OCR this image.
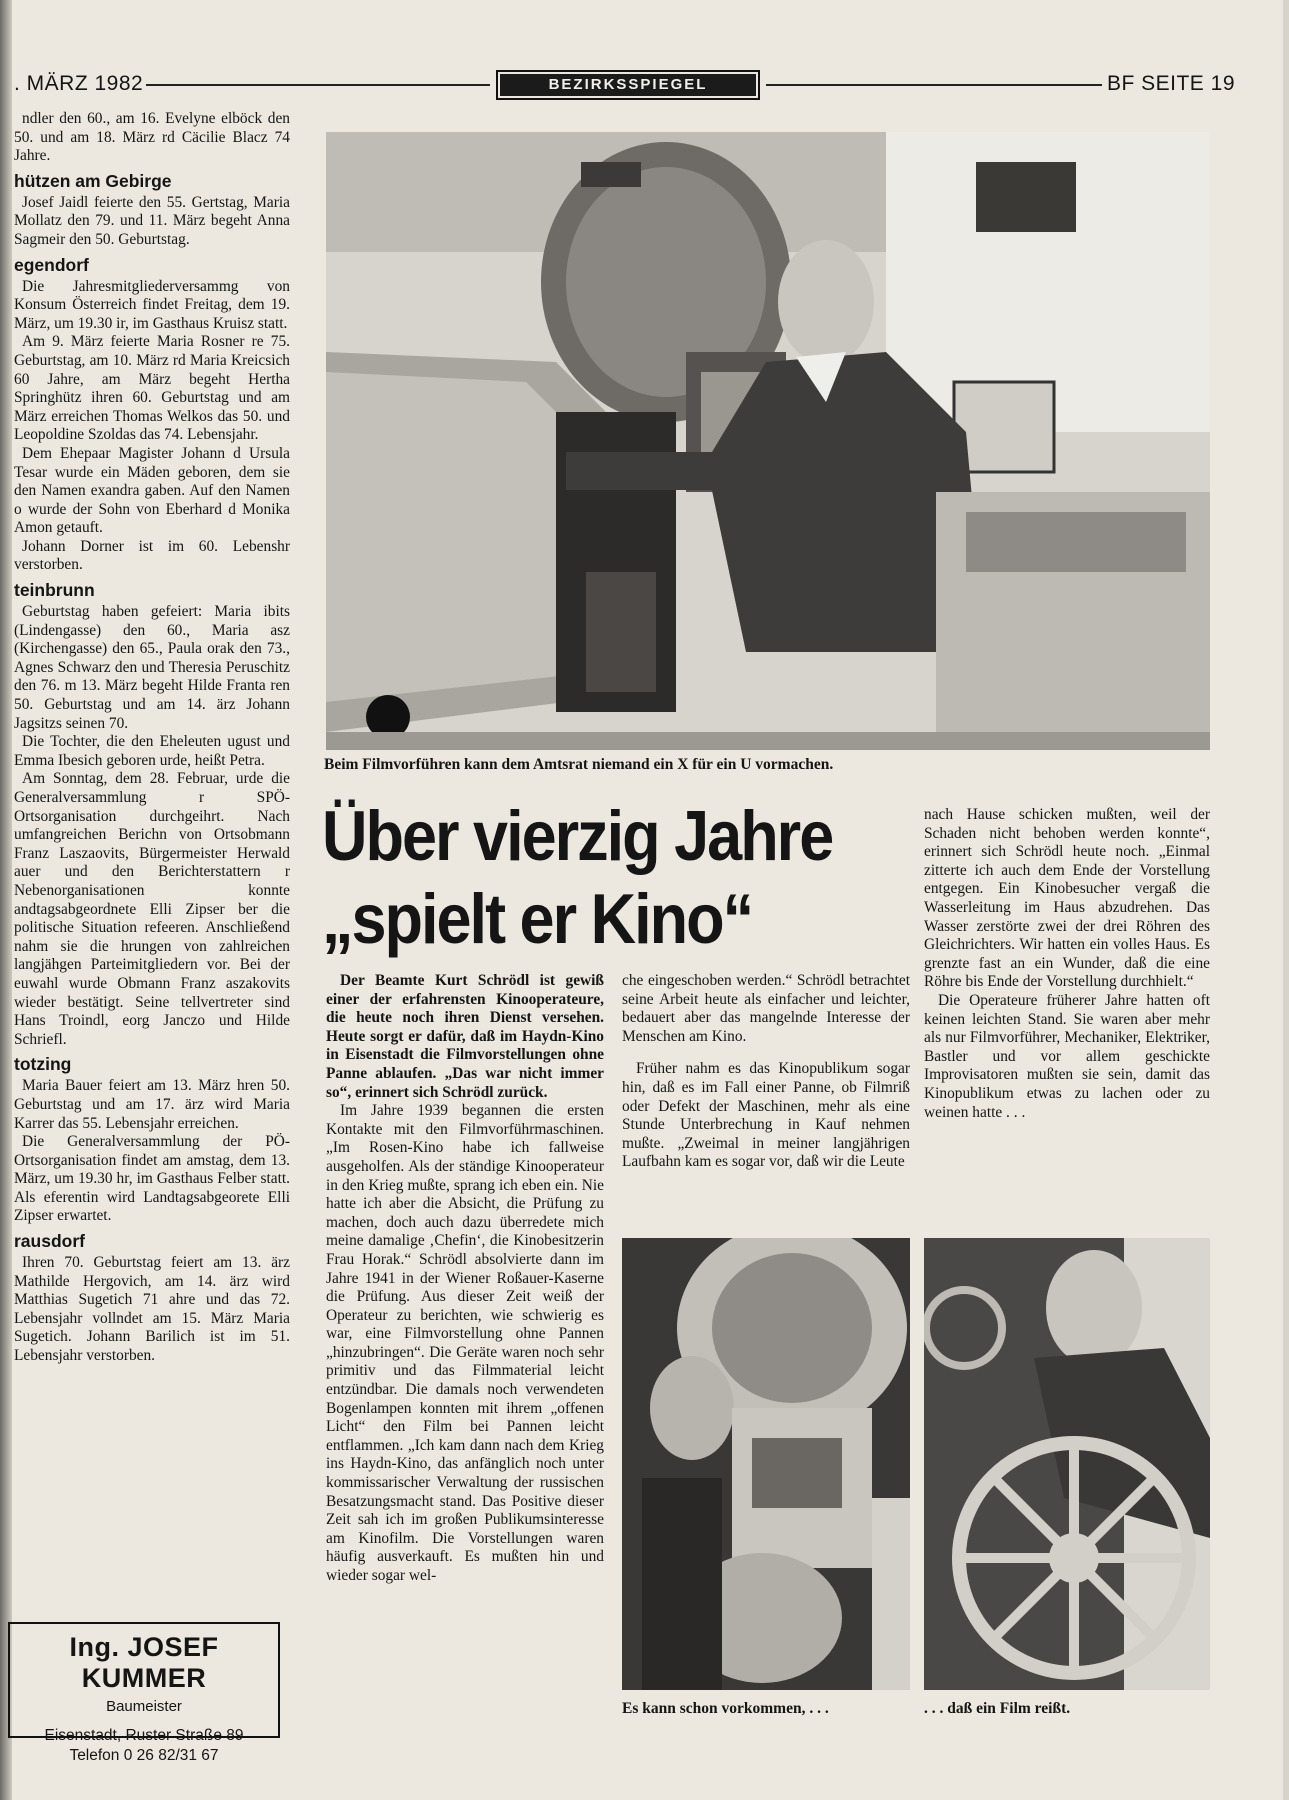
. MÄRZ 1982	BEZIRKSSPIEGEL	BF SEITE 19

ndler den 60., am 16. Evelyne elböck den 50. und am 18. März rd Cäcilie Blacz 74 Jahre.

hützen am Gebirge

Josef Jaidl feierte den 55. Gertstag, Maria Mollatz den 79. und 11. März begeht Anna Sagmeir den 50. Geburtstag.

egendorf

Die Jahresmitgliederversammg von Konsum Österreich findet Freitag, dem 19. März, um 19.30 ir, im Gasthaus Kruisz statt.

Am 9. März feierte Maria Rosner re 75. Geburtstag, am 10. März rd Maria Kreicsich 60 Jahre, am März begeht Hertha Springhütz ihren 60. Geburtstag und am März erreichen Thomas Welkos das 50. und Leopoldine Szoldas das 74. Lebensjahr.

Dem Ehepaar Magister Johann d Ursula Tesar wurde ein Mäden geboren, dem sie den Namen exandra gaben. Auf den Namen o wurde der Sohn von Eberhard d Monika Amon getauft.

Johann Dorner ist im 60. Lebenshr verstorben.

teinbrunn

Geburtstag haben gefeiert: Maria ibits (Lindengasse) den 60., Maria asz (Kirchengasse) den 65., Paula orak den 73., Agnes Schwarz den und Theresia Peruschitz den 76. m 13. März begeht Hilde Franta ren 50. Geburtstag und am 14. ärz Johann Jagsitzs seinen 70.

Die Tochter, die den Eheleuten ugust und Emma Ibesich geboren urde, heißt Petra.

Am Sonntag, dem 28. Februar, urde die Generalversammlung r SPÖ-Ortsorganisation durchgeihrt. Nach umfangreichen Berichn von Ortsobmann Franz Laszaovits, Bürgermeister Herwald auer und den Berichterstattern r Nebenorganisationen konnte andtagsabgeordnete Elli Zipser ber die politische Situation refeeren. Anschließend nahm sie die hrungen von zahlreichen langjähgen Parteimitgliedern vor. Bei der euwahl wurde Obmann Franz aszakovits wieder bestätigt. Seine tellvertreter sind Hans Troindl, eorg Janczo und Hilde Schriefl.

totzing

Maria Bauer feiert am 13. März hren 50. Geburtstag und am 17. ärz wird Maria Karrer das 55. Lebensjahr erreichen.

Die Generalversammlung der PÖ-Ortsorganisation findet am amstag, dem 13. März, um 19.30 hr, im Gasthaus Felber statt. Als eferentin wird Landtagsabgeorete Elli Zipser erwartet.

rausdorf

Ihren 70. Geburtstag feiert am 13. ärz Mathilde Hergovich, am 14. ärz wird Matthias Sugetich 71 ahre und das 72. Lebensjahr vollndet am 15. März Maria Sugetich. Johann Barilich ist im 51. Lebensjahr verstorben.

Ing. JOSEF KUMMER
Baumeister
Eisenstadt, Ruster Straße 89
Telefon 0 26 82/31 67
Beim Filmvorführen kann dem Amtsrat niemand ein X für ein U vormachen.
Über vierzig Jahre
„spielt er Kino“

Der Beamte Kurt Schrödl ist gewiß einer der erfahrensten Kinooperateure, die heute noch ihren Dienst versehen. Heute sorgt er dafür, daß im Haydn-Kino in Eisenstadt die Filmvorstellungen ohne Panne ablaufen. „Das war nicht immer so“, erinnert sich Schrödl zurück.

Im Jahre 1939 begannen die ersten Kontakte mit den Filmvorführmaschinen. „Im Rosen-Kino habe ich fallweise ausgeholfen. Als der ständige Kinooperateur in den Krieg mußte, sprang ich eben ein. Nie hatte ich aber die Absicht, die Prüfung zu machen, doch auch dazu überredete mich meine damalige ‚Chefin‘, die Kinobesitzerin Frau Horak.“ Schrödl absolvierte dann im Jahre 1941 in der Wiener Roßauer-Kaserne die Prüfung. Aus dieser Zeit weiß der Operateur zu berichten, wie schwierig es war, eine Filmvorstellung ohne Pannen „hinzubringen“. Die Geräte waren noch sehr primitiv und das Filmmaterial leicht entzündbar. Die damals noch verwendeten Bogenlampen konnten mit ihrem „offenen Licht“ den Film bei Pannen leicht entflammen. „Ich kam dann nach dem Krieg ins Haydn-Kino, das anfänglich noch unter kommissarischer Verwaltung der russischen Besatzungsmacht stand. Das Positive dieser Zeit sah ich im großen Publikumsinteresse am Kinofilm. Die Vorstellungen waren häufig ausverkauft. Es mußten hin und wieder sogar wel-

che eingeschoben werden.“ Schrödl betrachtet seine Arbeit heute als einfacher und leichter, bedauert aber das mangelnde Interesse der Menschen am Kino.

Früher nahm es das Kinopublikum sogar hin, daß es im Fall einer Panne, ob Filmriß oder Defekt der Maschinen, mehr als eine Stunde Unterbrechung in Kauf nehmen mußte. „Zweimal in meiner langjährigen Laufbahn kam es sogar vor, daß wir die Leute

nach Hause schicken mußten, weil der Schaden nicht behoben werden konnte“, erinnert sich Schrödl heute noch. „Einmal zitterte ich auch dem Ende der Vorstellung entgegen. Ein Kinobesucher vergaß die Wasserleitung im Haus abzudrehen. Das Wasser zerstörte zwei der drei Röhren des Gleichrichters. Wir hatten ein volles Haus. Es grenzte fast an ein Wunder, daß die eine Röhre bis Ende der Vorstellung durchhielt.“

Die Operateure früherer Jahre hatten oft keinen leichten Stand. Sie waren aber mehr als nur Filmvorführer, Mechaniker, Elektriker, Bastler und vor allem geschickte Improvisatoren mußten sie sein, damit das Kinopublikum etwas zu lachen oder zu weinen hatte . . .

Es kann schon vorkommen, . . .	. . . daß ein Film reißt.
